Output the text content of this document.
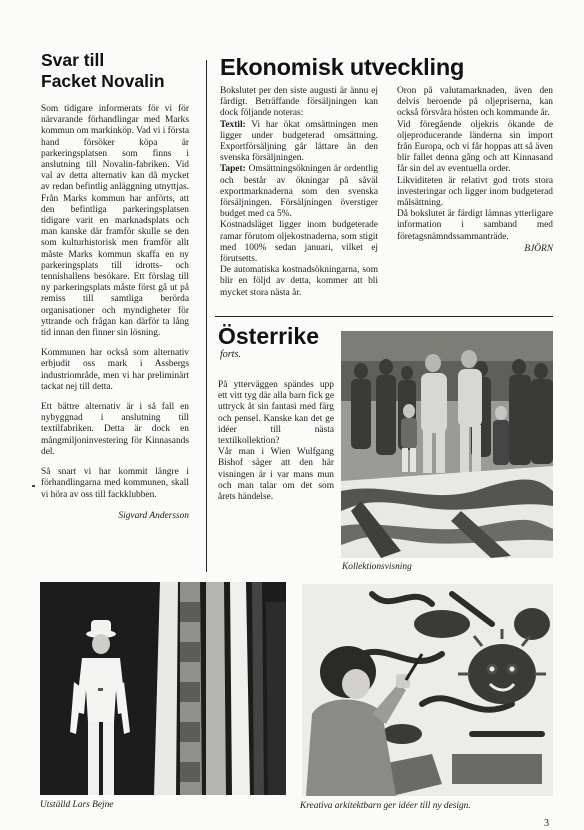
Svar till
Facket Novalin

Som tidigare informerats för vi för närvarande förhandlingar med Marks kommun om markinköp. Vad vi i första hand försöker köpa är parkeringsplatsen som finns i anslutning till Novalin-fabriken. Vid val av detta alternativ kan då mycket av redan befintlig anläggning utnyttjas. Från Marks kommun har anförts, att den befintliga parkeringsplatsen tidigare varit en marknadsplats och man kanske där framför skulle se den som kulturhistorisk men framför allt måste Marks kommun skaffa en ny parkeringsplats till idrotts- och tennishallens besökare. Ett förslag till ny parkeringsplats måste först gå ut på remiss till samtliga berörda organisationer och myndigheter för yttrande och frågan kan därför ta lång tid innan den finner sin lösning.

Kommunen har också som alternativ erbjudit oss mark i Assbergs industriområde, men vi har preliminärt tackat nej till detta.

Ett bättre alternativ är i så fall en nybyggnad i anslutning till textilfabriken. Detta är dock en mångmiljoninvestering för Kinnasands del.

Så snart vi har kommit längre i förhandlingarna med kommunen, skall vi höra av oss till fackklubben.

Sigvard Andersson
Ekonomisk utveckling

Bokslutet per den siste augusti är ännu ej färdigt. Beträffande försäljningen kan dock följande noteras:

Textil: Vi har ökat omsättningen men ligger under budgeterad omsättning. Exportförsäljning går lättare än den svenska försäljningen.

Tapet: Omsättningsökningen är ordentlig och består av ökningar på såväl exportmarknaderna som den svenska försäljningen. Försäljningen överstiger budget med ca 5%.

Kostnadsläget ligger inom budgeterade ramar förutom oljekostnaderna, som stigit med 100% sedan januari, vilket ej förutsetts.

De automatiska kostnadsökningarna, som blir en följd av detta, kommer att bli mycket stora nästa år.

Oron på valutamarknaden, även den delvis beroende på oljepriserna, kan också försvåra hösten och kommande år.

Vid föregående oljekris ökande de oljeproducerande länderna sin import från Europa, och vi får hoppas att så även blir fallet denna gång och att Kinnasand får sin del av eventuella order.

Likviditeten är relativt god trots stora investeringar och ligger inom budgeterad målsättning.

Då bokslutet är färdigt lämnas ytterligare information i samband med företagsnämndssammanträde.

BJÖRN
Österrike
forts.

På ytterväggen spändes upp ett vitt tyg där alla barn fick ge uttryck åt sin fantasi med färg och pensel. Kanske kan det ge idéer till nästa textilkollektion?

Vår man i Wien Wulfgang Bishof säger att den här visningen är i var mans mun och man talar om det som årets händelse.

Kollektionsvisning
Utställd Lars Bejne	Kreativa arkitektbarn ger idéer till ny design.
3
